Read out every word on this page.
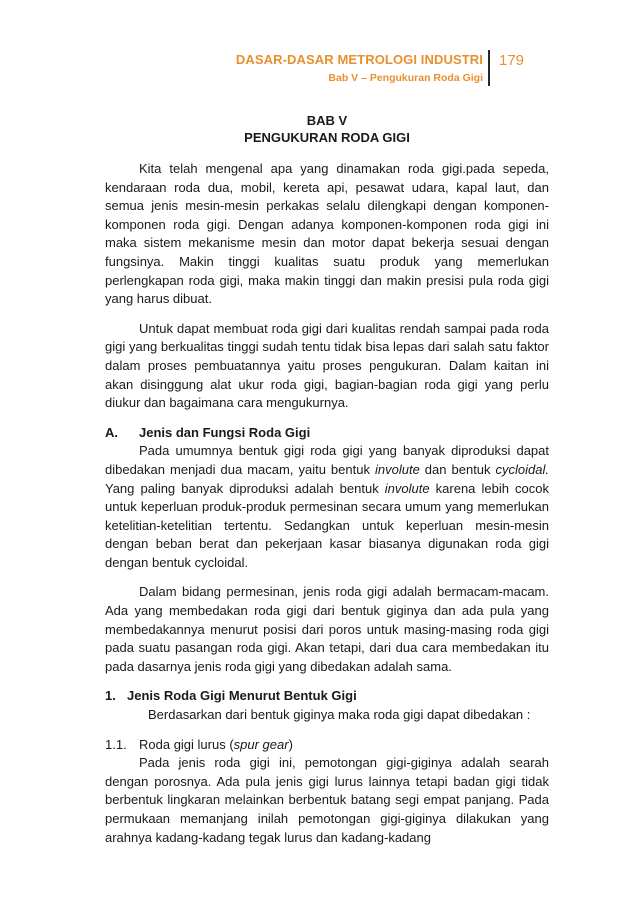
DASAR-DASAR METROLOGI INDUSTRI
Bab V – Pengukuran Roda Gigi
179
BAB V
PENGUKURAN RODA GIGI

Kita telah mengenal apa yang dinamakan roda gigi.pada sepeda, kendaraan roda dua, mobil, kereta api, pesawat udara, kapal laut, dan semua jenis mesin-mesin perkakas selalu dilengkapi dengan komponen-komponen roda gigi. Dengan adanya komponen-komponen roda gigi ini maka sistem mekanisme mesin dan motor dapat bekerja sesuai dengan fungsinya. Makin tinggi kualitas suatu produk yang memerlukan perlengkapan roda gigi, maka makin tinggi dan makin presisi pula roda gigi yang harus dibuat.

Untuk dapat membuat roda gigi dari kualitas rendah sampai pada roda gigi yang berkualitas tinggi sudah tentu tidak bisa lepas dari salah satu faktor dalam proses pembuatannya yaitu proses pengukuran. Dalam kaitan ini akan disinggung alat ukur roda gigi, bagian-bagian roda gigi yang perlu diukur dan bagaimana cara mengukurnya.

A.	Jenis dan Fungsi Roda Gigi

Pada umumnya bentuk gigi roda gigi yang banyak diproduksi dapat dibedakan menjadi dua macam, yaitu bentuk involute dan bentuk cycloidal. Yang paling banyak diproduksi adalah bentuk involute karena lebih cocok untuk keperluan produk-produk permesinan secara umum yang memerlukan ketelitian-ketelitian tertentu. Sedangkan untuk keperluan mesin-mesin dengan beban berat dan pekerjaan kasar biasanya digunakan roda gigi dengan bentuk cycloidal.

Dalam bidang permesinan, jenis roda gigi adalah bermacam-macam. Ada yang membedakan roda gigi dari bentuk giginya dan ada pula yang membedakannya menurut posisi dari poros untuk masing-masing roda gigi pada suatu pasangan roda gigi. Akan tetapi, dari dua cara membedakan itu pada dasarnya jenis roda gigi yang dibedakan adalah sama.

1. Jenis Roda Gigi Menurut Bentuk Gigi

Berdasarkan dari bentuk giginya maka roda gigi dapat dibedakan :

1.1. Roda gigi lurus (spur gear)

Pada jenis roda gigi ini, pemotongan gigi-giginya adalah searah dengan porosnya. Ada pula jenis gigi lurus lainnya tetapi badan gigi tidak berbentuk lingkaran melainkan berbentuk batang segi empat panjang. Pada permukaan memanjang inilah pemotongan gigi-giginya dilakukan yang arahnya kadang-kadang tegak lurus dan kadang-kadang
